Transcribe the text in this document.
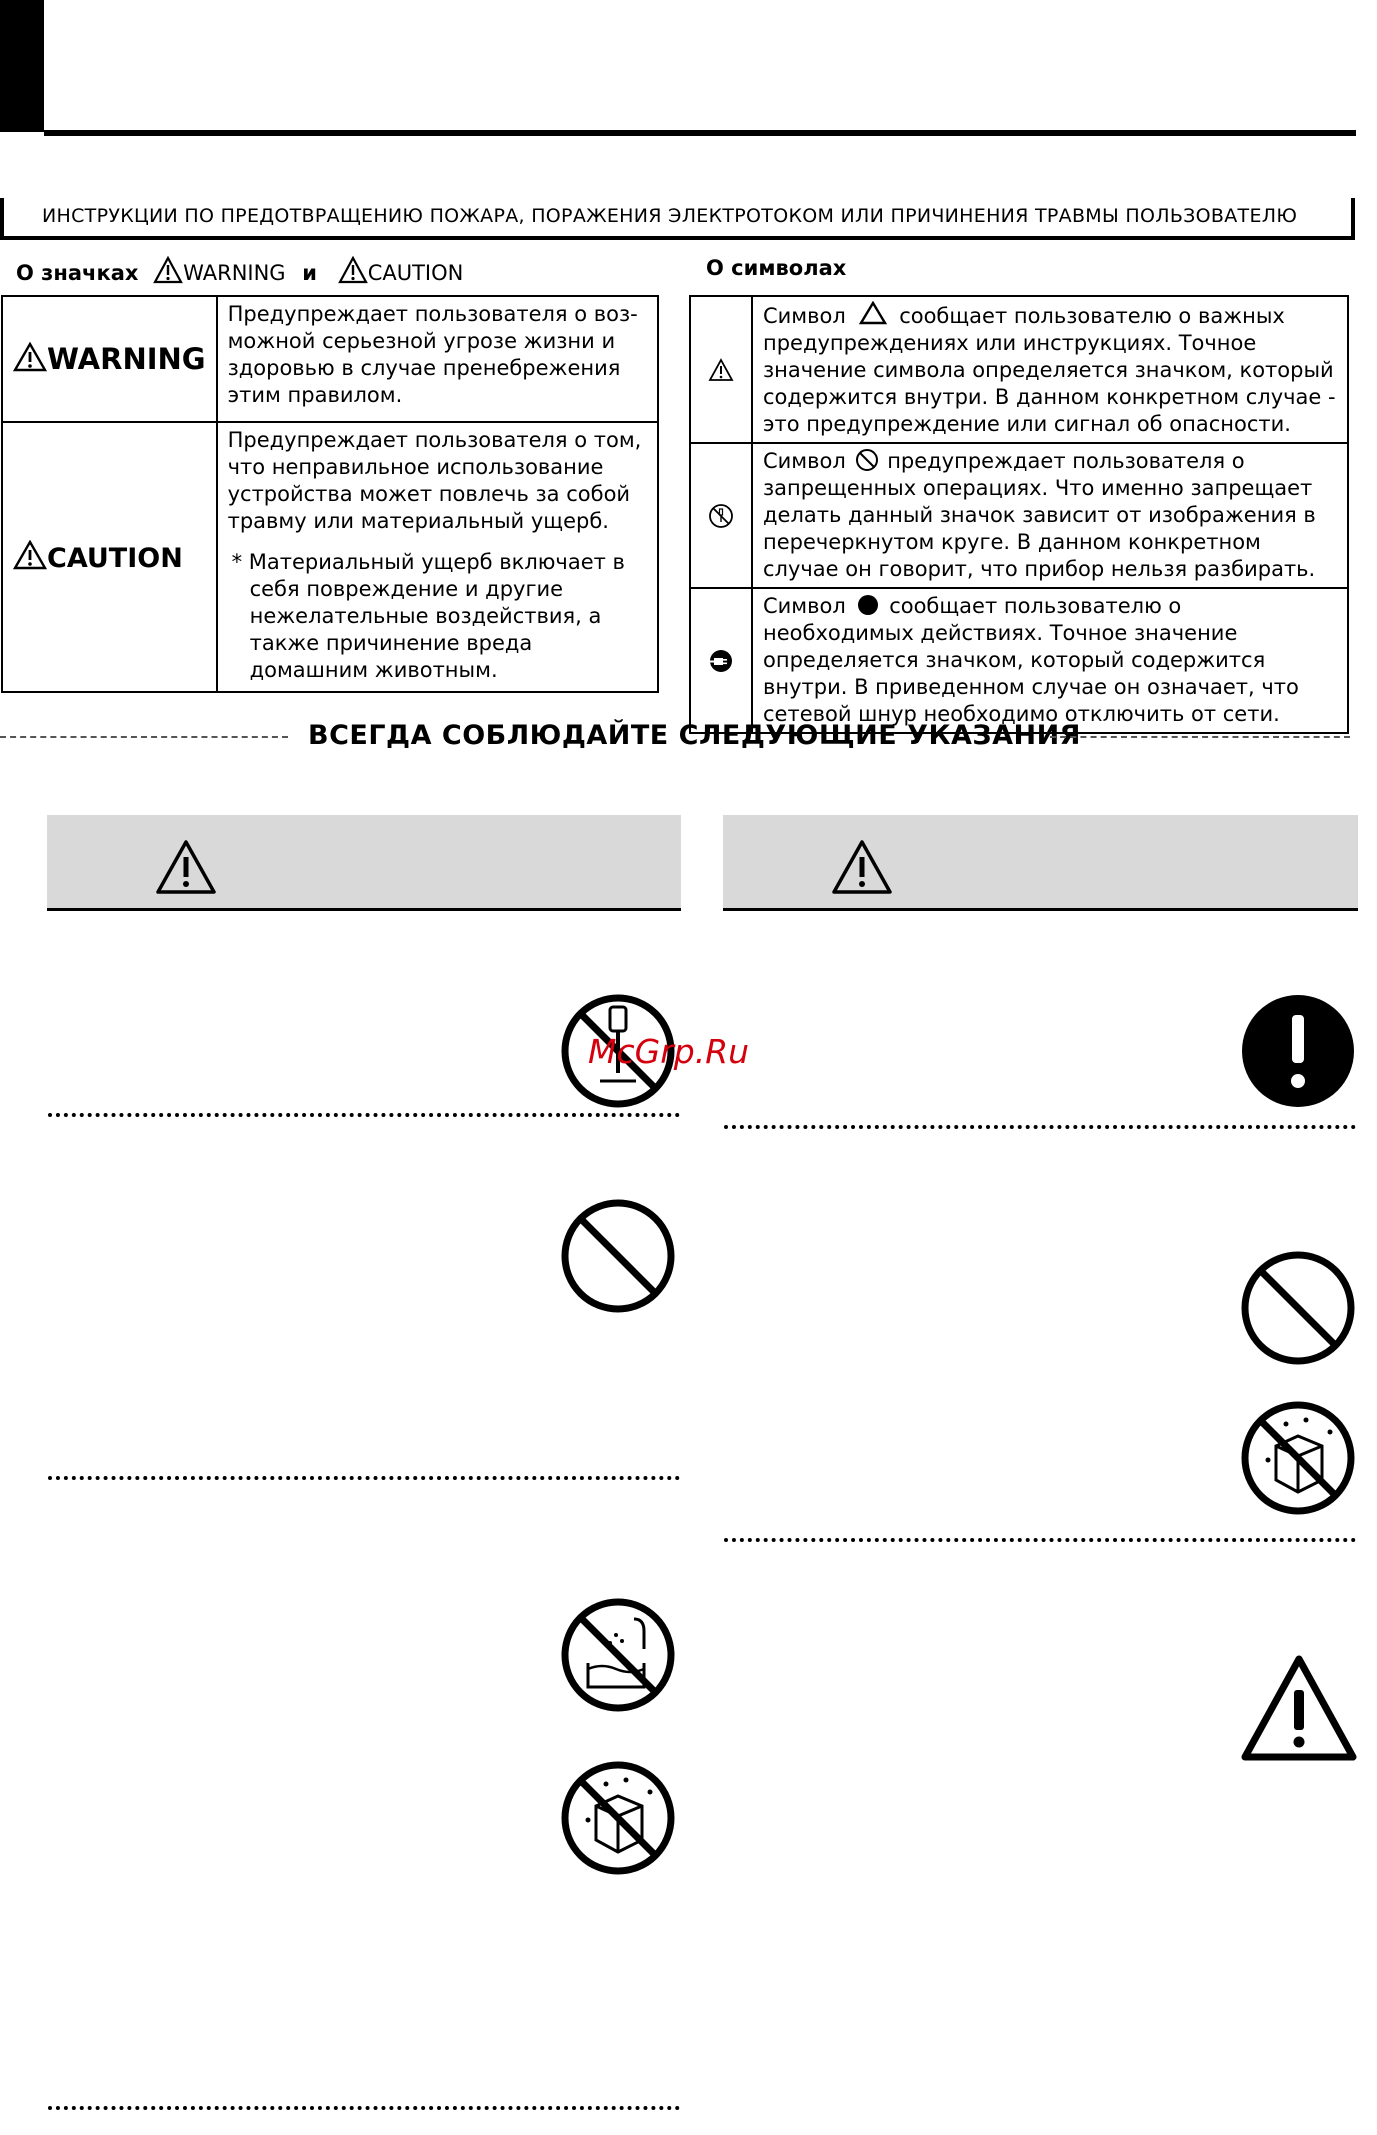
ИНСТРУКЦИИ ПО ПРЕДОТВРАЩЕНИЮ ПОЖАРА, ПОРАЖЕНИЯ ЭЛЕКТРОТОКОМ ИЛИ ПРИЧИНЕНИЯ ТРАВМЫ ПОЛЬЗОВАТЕЛЮ
О значках WARNING и CAUTION	О символах
WARNING	Предупреждает пользователя о воз-можной серьезной угрозе жизни и здоровью в случае пренебрежения этим правилом.

CAUTION	Предупреждает пользователя о том, что неправильное использование устройства может повлечь за собой травму или материальный ущерб.
* Материальный ущерб включает в себя повреждение и другие нежелательные воздействия, а также причинение вреда домашним животным.
	Символ сообщает пользователю о важных предупреждениях или инструкциях. Точное значение символа определяется значком, который содержится внутри. В данном конкретном случае - это предупреждение или сигнал об опасности.

	Символ предупреждает пользователя о запрещенных операциях. Что именно запрещает делать данный значок зависит от изображения в перечеркнутом круге. В данном конкретном случае он говорит, что прибор нельзя разбирать.

	Символ сообщает пользователю о необходимых действиях. Точное значение определяется значком, который содержится внутри. В приведенном случае он означает, что сетевой шнур необходимо отключить от сети.
ВСЕГДА СОБЛЮДАЙТЕ СЛЕДУЮЩИЕ УКАЗАНИЯ
McGrp.Ru
